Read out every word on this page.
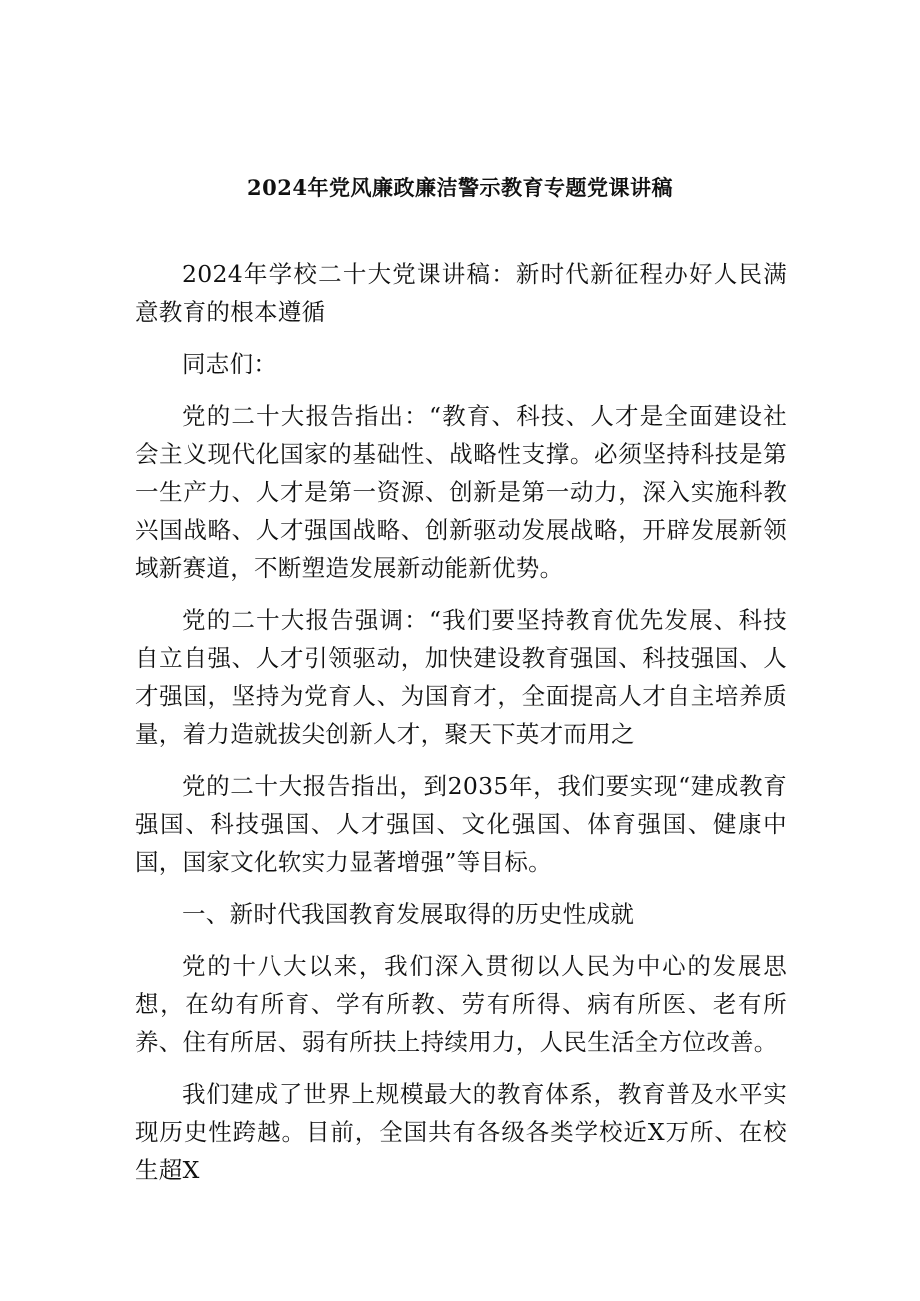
2024年党风廉政廉洁警示教育专题党课讲稿

2024年学校二十大党课讲稿：新时代新征程办好人民满意教育的根本遵循

同志们：

党的二十大报告指出：“教育、科技、人才是全面建设社会主义现代化国家的基础性、战略性支撑。必须坚持科技是第一生产力、人才是第一资源、创新是第一动力，深入实施科教兴国战略、人才强国战略、创新驱动发展战略，开辟发展新领域新赛道，不断塑造发展新动能新优势。

党的二十大报告强调：“我们要坚持教育优先发展、科技自立自强、人才引领驱动，加快建设教育强国、科技强国、人才强国，坚持为党育人、为国育才，全面提高人才自主培养质量，着力造就拔尖创新人才，聚天下英才而用之

党的二十大报告指出，到2035年，我们要实现“建成教育强国、科技强国、人才强国、文化强国、体育强国、健康中国，国家文化软实力显著增强”等目标。

一、新时代我国教育发展取得的历史性成就

党的十八大以来，我们深入贯彻以人民为中心的发展思想，在幼有所育、学有所教、劳有所得、病有所医、老有所养、住有所居、弱有所扶上持续用力，人民生活全方位改善。

我们建成了世界上规模最大的教育体系，教育普及水平实现历史性跨越。目前，全国共有各级各类学校近X万所、在校生超X
